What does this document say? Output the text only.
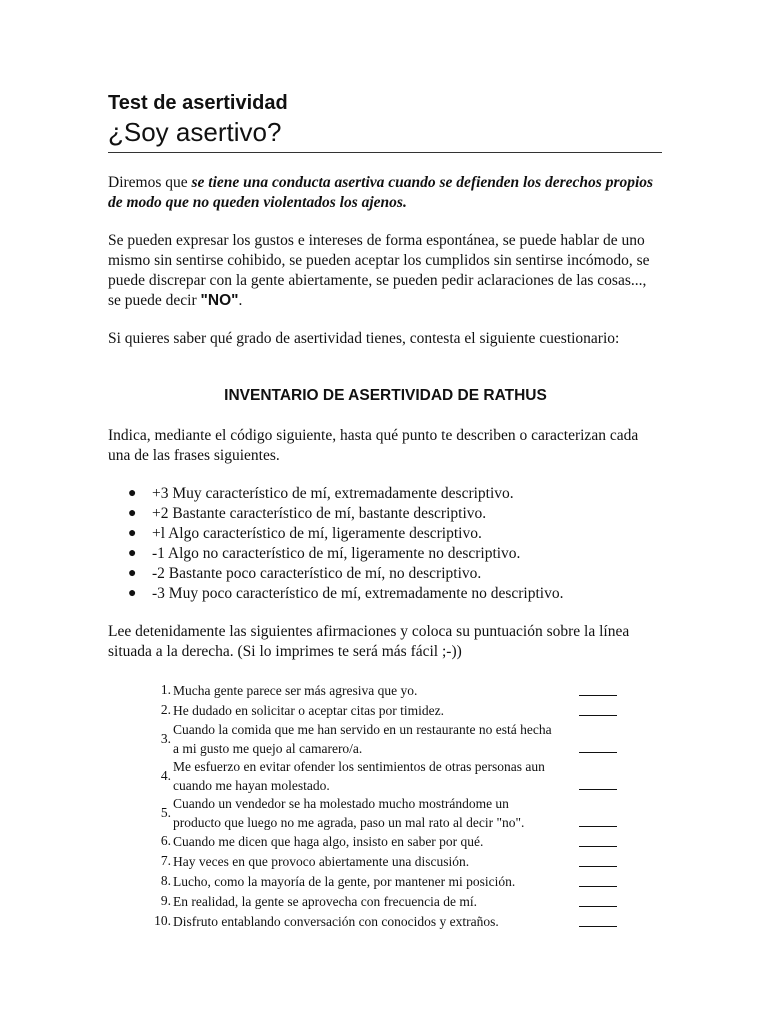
Test de asertividad
¿Soy asertivo?
Diremos que se tiene una conducta asertiva cuando se defienden los derechos propios de modo que no queden violentados los ajenos.
Se pueden expresar los gustos e intereses de forma espontánea, se puede hablar de uno mismo sin sentirse cohibido, se pueden aceptar los cumplidos sin sentirse incómodo, se puede discrepar con la gente abiertamente, se pueden pedir aclaraciones de las cosas..., se puede decir "NO".
Si quieres saber qué grado de asertividad tienes, contesta el siguiente cuestionario:
INVENTARIO DE ASERTIVIDAD DE RATHUS
Indica, mediante el código siguiente, hasta qué punto te describen o caracterizan cada una de las frases siguientes.
●	+3 Muy característico de mí, extremadamente descriptivo.
●	+2 Bastante característico de mí, bastante descriptivo.
●	+l Algo característico de mí, ligeramente descriptivo.
●	-1 Algo no característico de mí, ligeramente no descriptivo.
●	-2 Bastante poco característico de mí, no descriptivo.
●	-3 Muy poco característico de mí, extremadamente no descriptivo.
Lee detenidamente las siguientes afirmaciones y coloca su puntuación sobre la línea situada a la derecha. (Si lo imprimes te será más fácil ;-))
1 . Mucha gente parece ser más agresiva que yo.
2 . He dudado en solicitar o aceptar citas por timidez.
3 .
Cuando la comida que me han servido en un restaurante no está hecha a mi gusto me quejo al camarero/a.
4 .
Me esfuerzo en evitar ofender los sentimientos de otras personas aun cuando me hayan molestado.
5 .
Cuando un vendedor se ha molestado mucho mostrándome un producto que luego no me agrada, paso un mal rato al decir "no".
6 . Cuando me dicen que haga algo, insisto en saber por qué.
7 . Hay veces en que provoco abiertamente una discusión.
8 . Lucho, como la mayoría de la gente, por mantener mi posición.
9 . En realidad, la gente se aprovecha con frecuencia de mí.
10 . Disfruto entablando conversación con conocidos y extraños.
